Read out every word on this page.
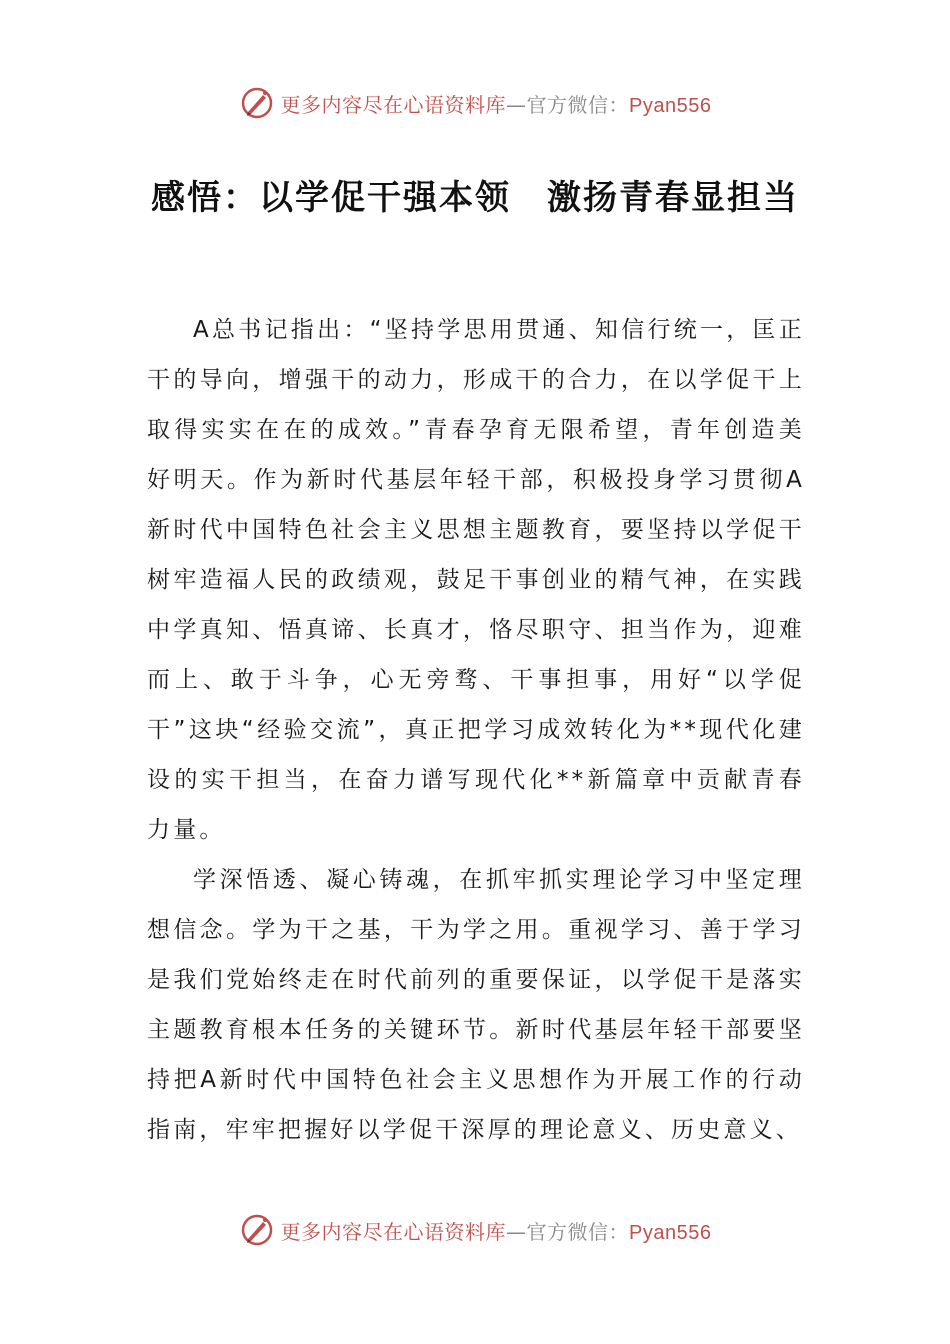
更多内容尽在心语资料库—官方微信：Pyan556
感悟：以学促干强本领　激扬青春显担当

A总书记指出：“坚持学思用贯通、知信行统一，匡正干的导向，增强干的动力，形成干的合力，在以学促干上取得实实在在的成效。”青春孕育无限希望，青年创造美好明天。作为新时代基层年轻干部，积极投身学习贯彻A新时代中国特色社会主义思想主题教育，要坚持以学促干树牢造福人民的政绩观，鼓足干事创业的精气神，在实践中学真知、悟真谛、长真才，恪尽职守、担当作为，迎难而上、敢于斗争，心无旁骛、干事担事，用好“以学促干”这块“经验交流”，真正把学习成效转化为**现代化建设的实干担当，在奋力谱写现代化**新篇章中贡献青春力量。

学深悟透、凝心铸魂，在抓牢抓实理论学习中坚定理想信念。学为干之基，干为学之用。重视学习、善于学习是我们党始终走在时代前列的重要保证，以学促干是落实主题教育根本任务的关键环节。新时代基层年轻干部要坚持把A新时代中国特色社会主义思想作为开展工作的行动指南，牢牢把握好以学促干深厚的理论意义、历史意义、

更多内容尽在心语资料库—官方微信：Pyan556
